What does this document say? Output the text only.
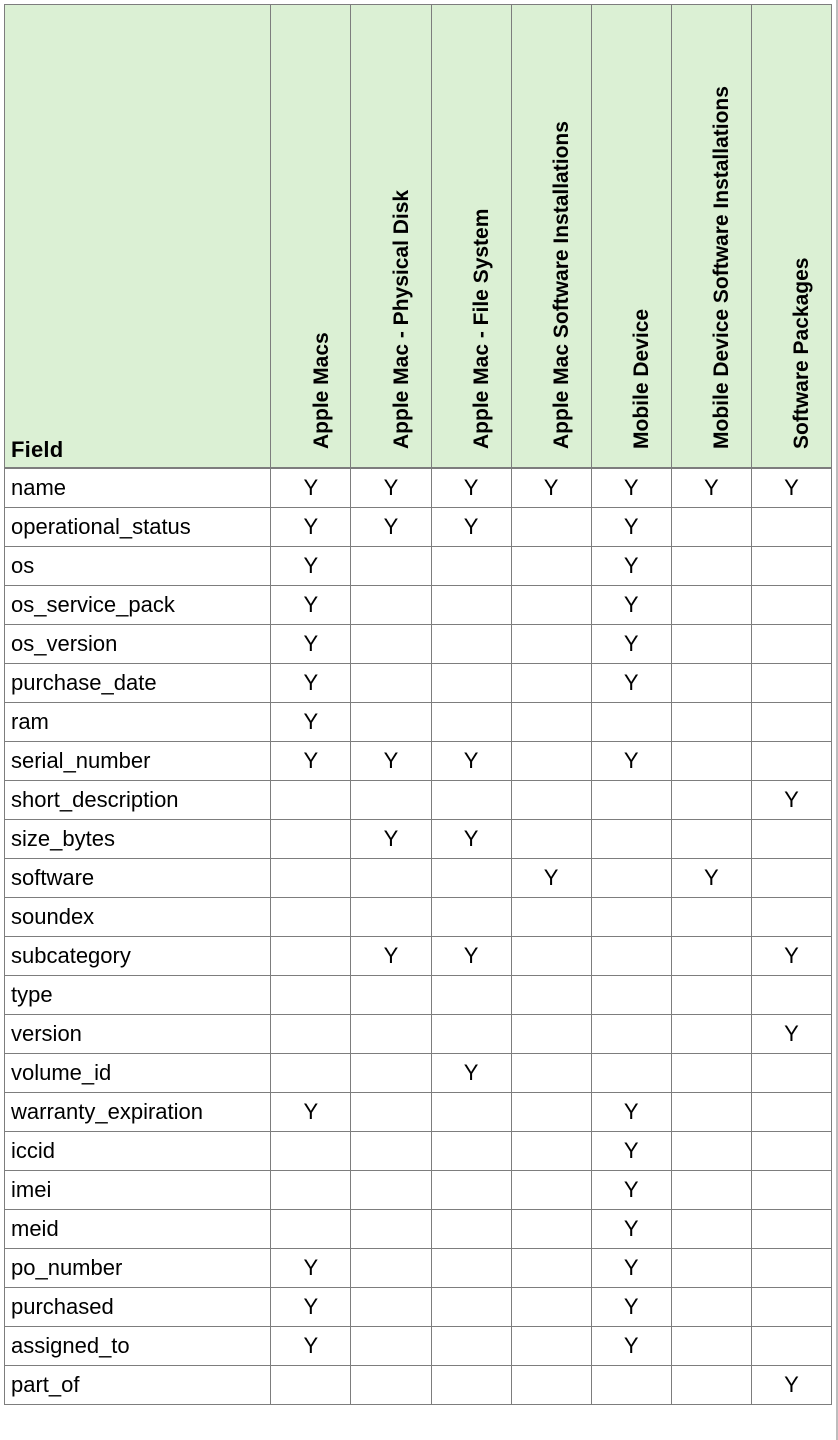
Field	Apple Macs	Apple Mac - Physical Disk	Apple Mac - File System	Apple Mac Software Installations	Mobile Device	Mobile Device Software Installations	Software Packages

name	Y	Y	Y	Y	Y	Y	Y
operational_status	Y	Y	Y		Y		
os	Y				Y		
os_service_pack	Y				Y		
os_version	Y				Y		
purchase_date	Y				Y		
ram	Y						
serial_number	Y	Y	Y		Y		
short_description							Y
size_bytes		Y	Y				
software				Y		Y	
soundex							
subcategory		Y	Y				Y
type							
version							Y
volume_id			Y				
warranty_expiration	Y				Y		
iccid					Y		
imei					Y		
meid					Y		
po_number	Y				Y		
purchased	Y				Y		
assigned_to	Y				Y		
part_of							Y
